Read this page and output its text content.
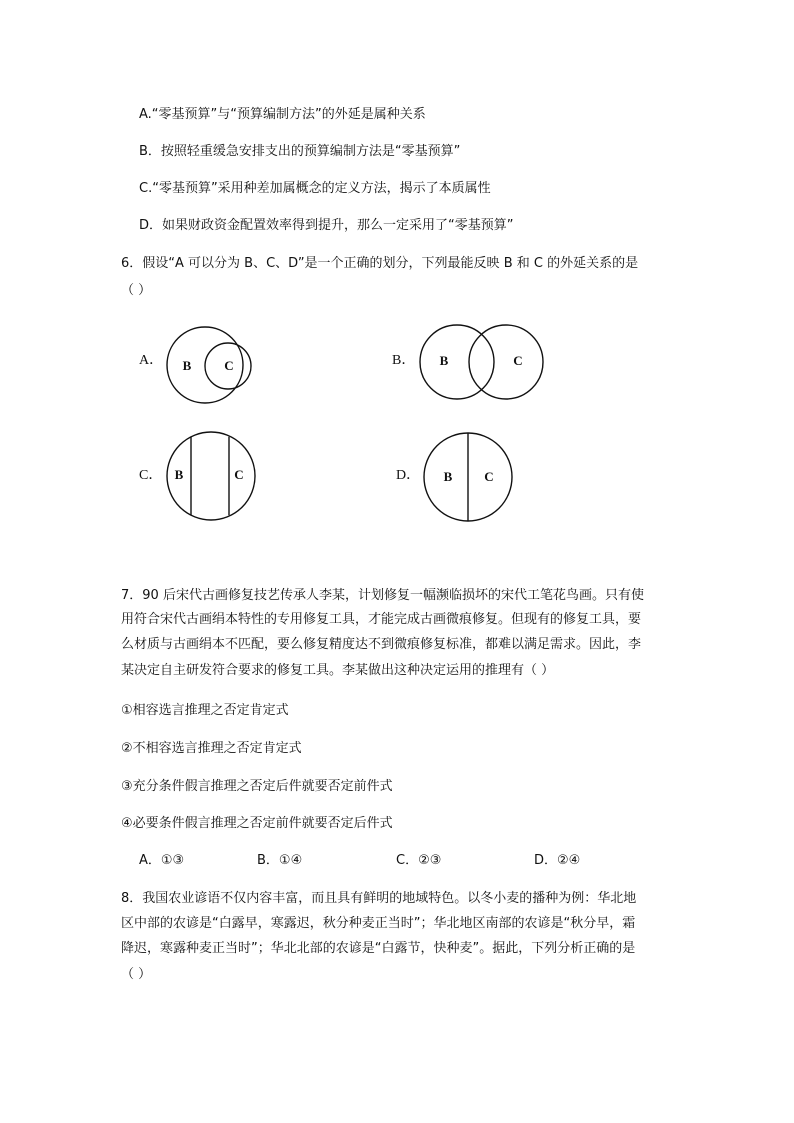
A.“零基预算”与“预算编制方法”的外延是属种关系
B．按照轻重缓急安排支出的预算编制方法是“零基预算”
C.“零基预算”采用种差加属概念的定义方法，揭示了本质属性
D．如果财政资金配置效率得到提升，那么一定采用了“零基预算”
6．假设“A 可以分为 B、C、D”是一个正确的划分，下列最能反映 B 和 C 的外延关系的是
（ ）
A． B	C	B． B	C
C． B	C	D． B C
7．90 后宋代古画修复技艺传承人李某，计划修复一幅濒临损坏的宋代工笔花鸟画。只有使
用符合宋代古画绢本特性的专用修复工具，才能完成古画微痕修复。但现有的修复工具，要
么材质与古画绢本不匹配，要么修复精度达不到微痕修复标准，都难以满足需求。因此，李
某决定自主研发符合要求的修复工具。李某做出这种决定运用的推理有（ ）
①相容选言推理之否定肯定式
②不相容选言推理之否定肯定式
③充分条件假言推理之否定后件就要否定前件式
④必要条件假言推理之否定前件就要否定后件式
A．①③	B．①④	C．②③	D．②④
8．我国农业谚语不仅内容丰富，而且具有鲜明的地域特色。以冬小麦的播种为例：华北地
区中部的农谚是“白露早，寒露迟，秋分种麦正当时”；华北地区南部的农谚是“秋分早，霜
降迟，寒露种麦正当时”；华北北部的农谚是“白露节，快种麦”。据此，下列分析正确的是
（ ）
